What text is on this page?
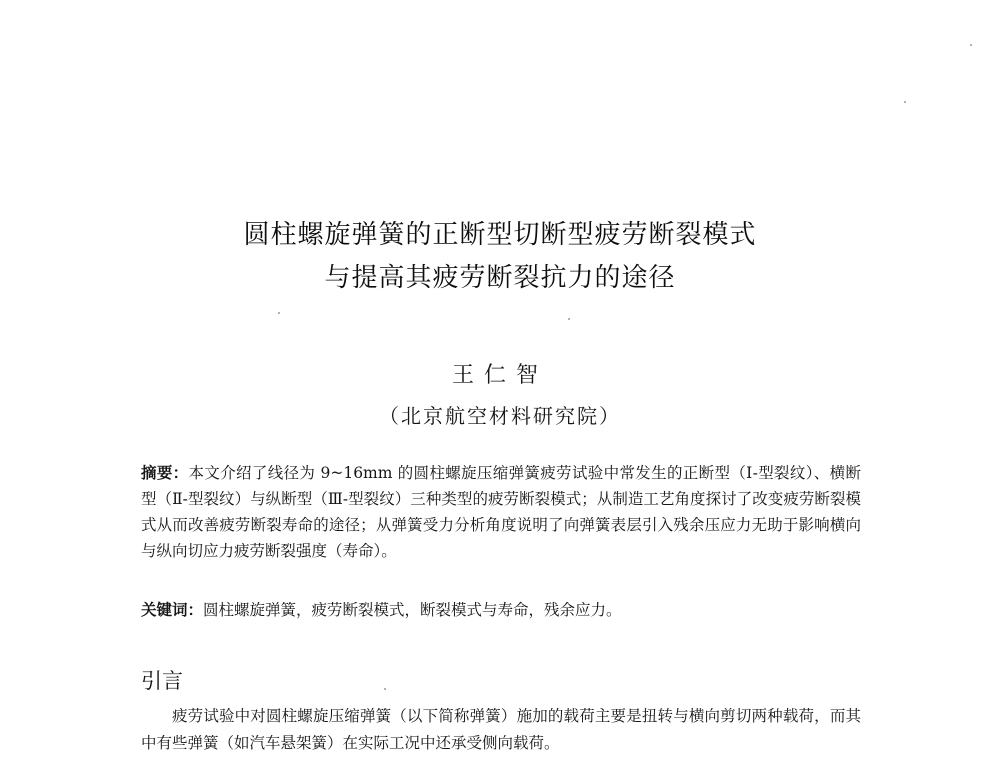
圆柱螺旋弹簧的正断型切断型疲劳断裂模式
与提高其疲劳断裂抗力的途径
王仁智
（北京航空材料研究院）
摘要：本文介绍了线径为 9~16mm 的圆柱螺旋压缩弹簧疲劳试验中常发生的正断型（Ⅰ-型裂纹）、横断型（Ⅱ-型裂纹）与纵断型（Ⅲ-型裂纹）三种类型的疲劳断裂模式；从制造工艺角度探讨了改变疲劳断裂模式从而改善疲劳断裂寿命的途径；从弹簧受力分析角度说明了向弹簧表层引入残余压应力无助于影响横向与纵向切应力疲劳断裂强度（寿命）。
关键词：圆柱螺旋弹簧，疲劳断裂模式，断裂模式与寿命，残余应力。
引言
疲劳试验中对圆柱螺旋压缩弹簧（以下简称弹簧）施加的载荷主要是扭转与横向剪切两种载荷，而其中有些弹簧（如汽车悬架簧）在实际工况中还承受侧向载荷。
